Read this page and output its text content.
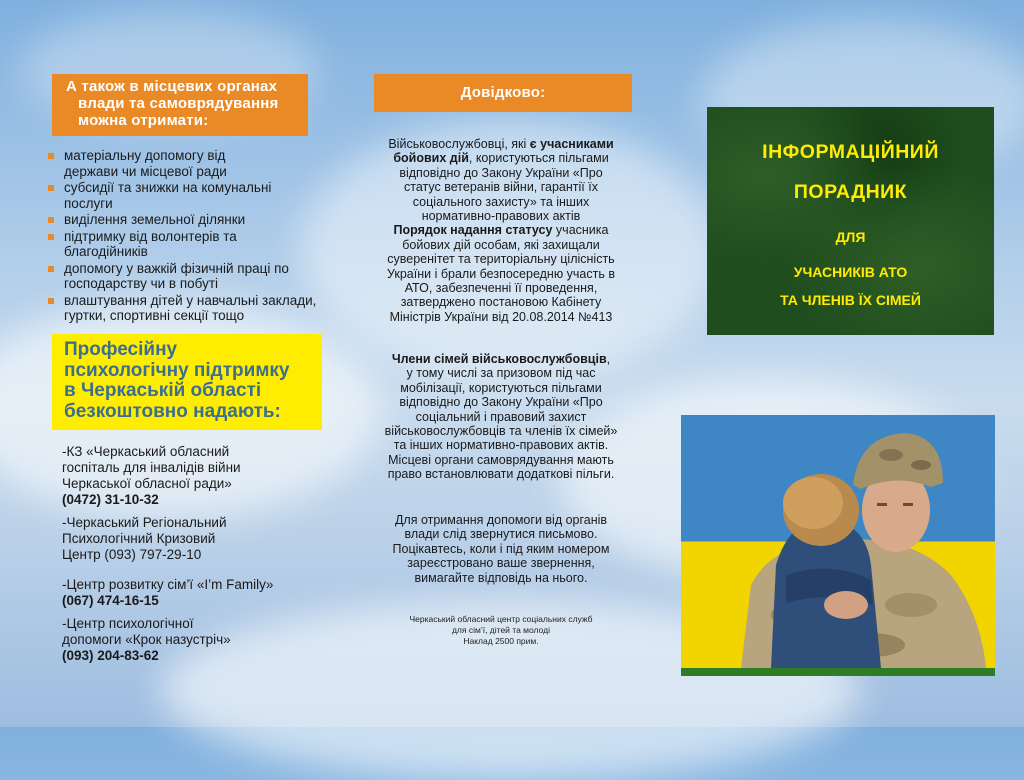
А також в місцевих органах
влади та самоврядування
можна отримати:
матеріальну допомогу від
держави чи місцевої ради
субсидії та знижки на комунальні
послуги
виділення земельної ділянки
підтримку від волонтерів та
благодійників
допомогу у важкій фізичній праці по
господарству чи в побуті
влаштування дітей у навчальні заклади,
гуртки, спортивні секції тощо
Професійну
психологічну підтримку
в Черкаській області
безкоштовно надають:
-КЗ «Черкаський обласний
госпіталь для інвалідів війни
Черкаської обласної ради»
(0472) 31-10-32
-Черкаський Регіональний
Психологічний Кризовий
Центр (093) 797-29-10
-Центр розвитку сім’ї «I’m Family»
(067) 474-16-15
-Центр психологічної
допомоги «Крок назустріч»
(093) 204-83-62
Довідково:
Військовослужбовці, які є учасниками
бойових дій, користуються пільгами
відповідно до Закону України «Про
статус ветеранів війни, гарантії їх
соціального захисту» та інших
нормативно-правових актів
Порядок надання статусу учасника
бойових дій особам, які захищали
суверенітет та територіальну цілісність
України і брали безпосередню участь в
АТО, забезпеченні її проведення,
затверджено постановою Кабінету
Міністрів України від 20.08.2014 №413
Члени сімей військовослужбовців,
у тому числі за призовом під час
мобілізації, користуються пільгами
відповідно до Закону України «Про
соціальний і правовий захист
військовослужбовців та членів їх сімей»
та інших нормативно-правових актів.
Місцеві органи самоврядування мають
право встановлювати додаткові пільги.
Для отримання допомоги від органів
влади слід звернутися письмово.
Поцікавтесь, коли і під яким номером
зареєстровано ваше звернення,
вимагайте відповідь на нього.
Черкаський обласний центр соціальних служб
для сім’ї, дітей та молоді
Наклад 2500 прим.
ІНФОРМАЦІЙНИЙ
ПОРАДНИК
ДЛЯ
УЧАСНИКІВ АТО
ТА ЧЛЕНІВ ЇХ СІМЕЙ
